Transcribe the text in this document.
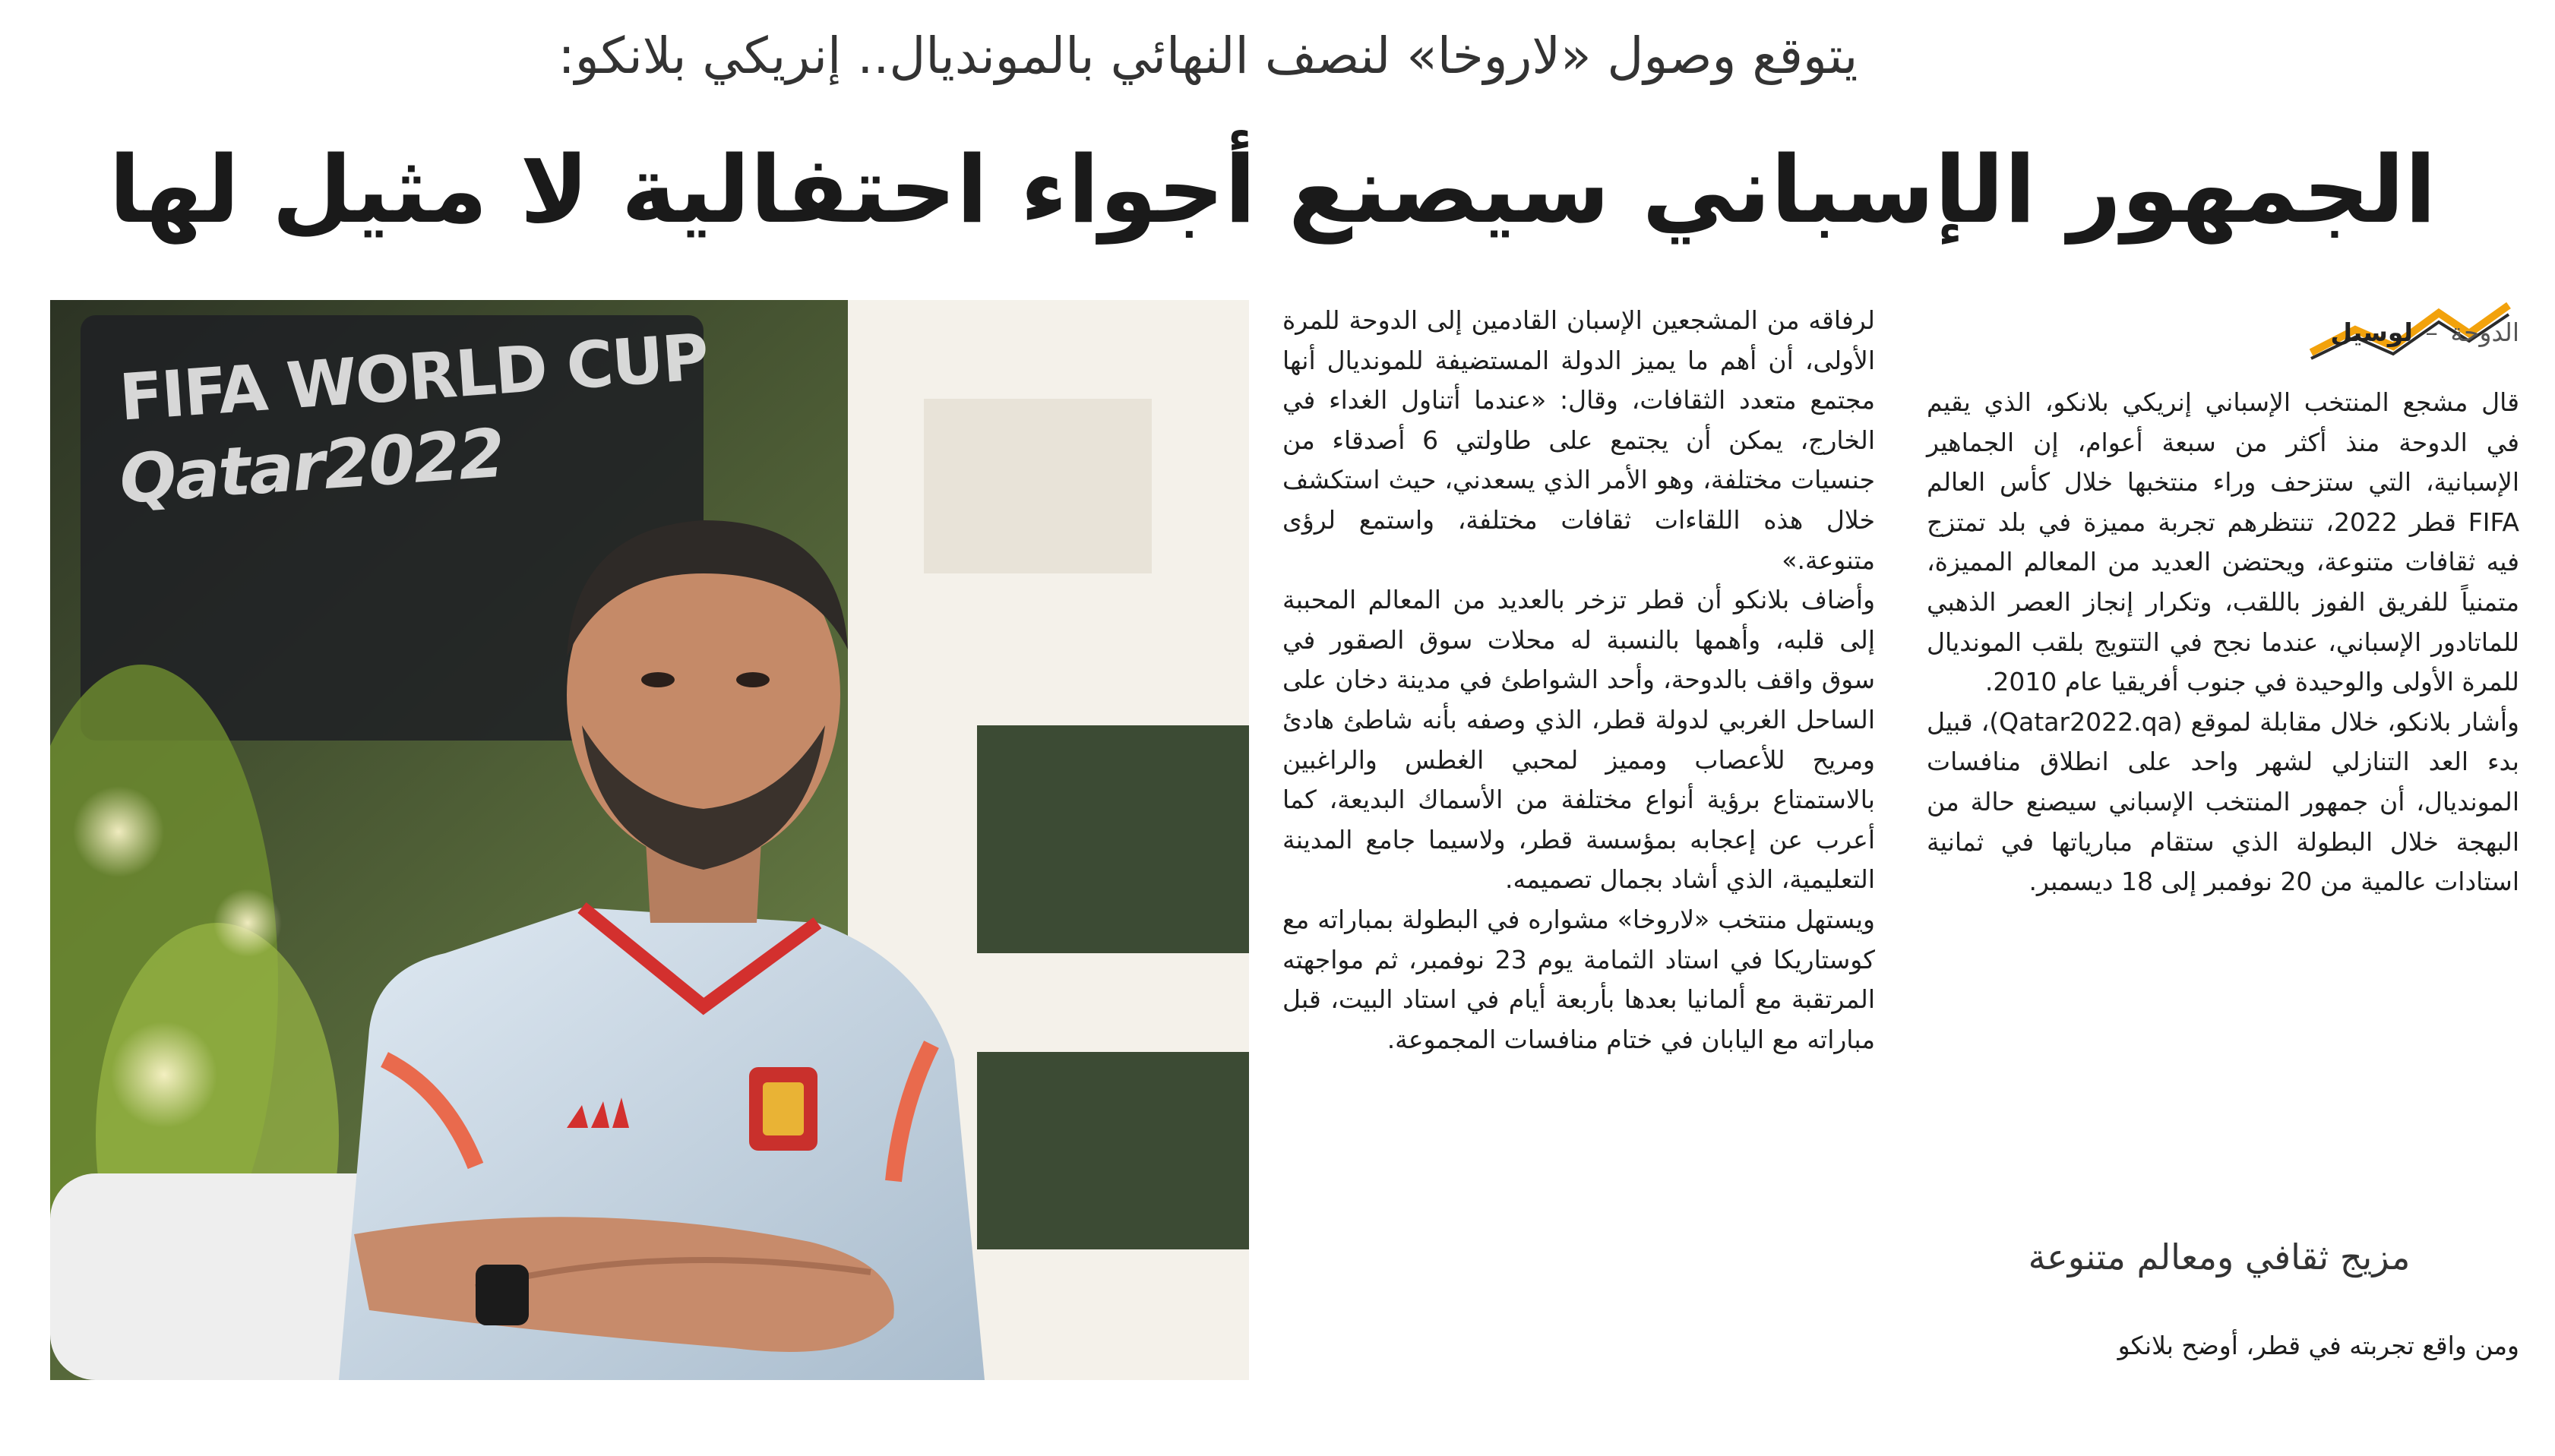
يتوقع وصول «لاروخا» لنصف النهائي بالمونديال.. إنريكي بلانكو:
الجمهور الإسباني سيصنع أجواء احتفالية لا مثيل لها
FIFA WORLD CUP
Qatar2022
الدوحة – لوسيل

قال مشجع المنتخب الإسباني إنريكي بلانكو، الذي يقيم في الدوحة منذ أكثر من سبعة أعوام، إن الجماهير الإسبانية، التي ستزحف وراء منتخبها خلال كأس العالم FIFA قطر 2022، تنتظرهم تجربة مميزة في بلد تمتزج فيه ثقافات متنوعة، ويحتضن العديد من المعالم المميزة، متمنياً للفريق الفوز باللقب، وتكرار إنجاز العصر الذهبي للماتادور الإسباني، عندما نجح في التتويج بلقب المونديال للمرة الأولى والوحيدة في جنوب أفريقيا عام 2010.

وأشار بلانكو، خلال مقابلة لموقع (Qatar2022.qa)، قبيل بدء العد التنازلي لشهر واحد على انطلاق منافسات المونديال، أن جمهور المنتخب الإسباني سيصنع حالة من البهجة خلال البطولة الذي ستقام مبارياتها في ثمانية استادات عالمية من 20 نوفمبر إلى 18 ديسمبر.

مزيج ثقافي ومعالم متنوعة
ومن واقع تجربته في قطر، أوضح بلانكو

لرفاقه من المشجعين الإسبان القادمين إلى الدوحة للمرة الأولى، أن أهم ما يميز الدولة المستضيفة للمونديال أنها مجتمع متعدد الثقافات، وقال: «عندما أتناول الغداء في الخارج، يمكن أن يجتمع على طاولتي 6 أصدقاء من جنسيات مختلفة، وهو الأمر الذي يسعدني، حيث استكشف خلال هذه اللقاءات ثقافات مختلفة، واستمع لرؤى متنوعة.»

وأضاف بلانكو أن قطر تزخر بالعديد من المعالم المحببة إلى قلبه، وأهمها بالنسبة له محلات سوق الصقور في سوق واقف بالدوحة، وأحد الشواطئ في مدينة دخان على الساحل الغربي لدولة قطر، الذي وصفه بأنه شاطئ هادئ ومريح للأعصاب ومميز لمحبي الغطس والراغبين بالاستمتاع برؤية أنواع مختلفة من الأسماك البديعة، كما أعرب عن إعجابه بمؤسسة قطر، ولاسيما جامع المدينة التعليمية، الذي أشاد بجمال تصميمه.

ويستهل منتخب «لاروخا» مشواره في البطولة بمباراته مع كوستاريكا في استاد الثمامة يوم 23 نوفمبر، ثم مواجهته المرتقبة مع ألمانيا بعدها بأربعة أيام في استاد البيت، قبل مباراته مع اليابان في ختام منافسات المجموعة.
